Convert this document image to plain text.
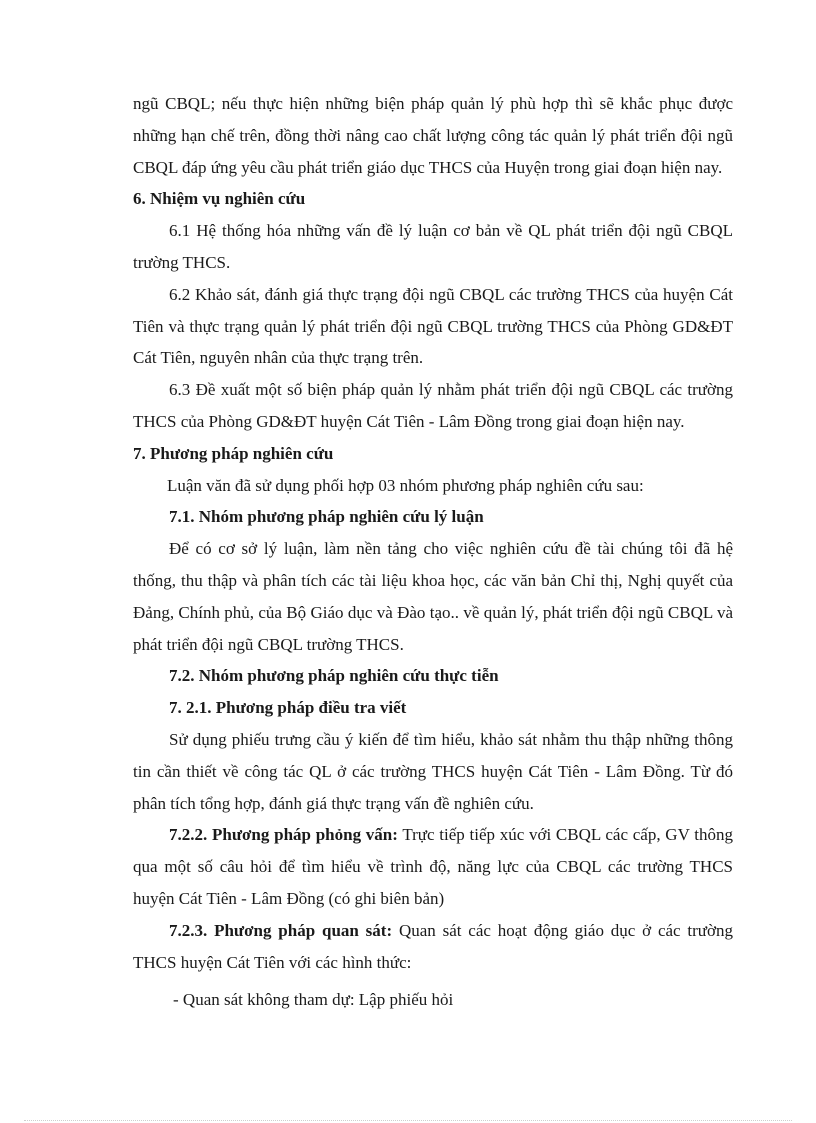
ngũ CBQL; nếu thực hiện những biện pháp quản lý phù hợp thì sẽ khắc phục được những hạn chế trên, đồng thời nâng cao chất lượng công tác quản lý phát triển đội ngũ CBQL đáp ứng yêu cầu phát triển giáo dục THCS của Huyện trong giai đoạn hiện nay.

6. Nhiệm vụ nghiên cứu

6.1 Hệ thống hóa những vấn đề lý luận cơ bản về QL phát triển đội ngũ CBQL trường THCS.

6.2 Khảo sát, đánh giá thực trạng đội ngũ CBQL các trường THCS của huyện Cát Tiên và thực trạng quản lý phát triển đội ngũ CBQL trường THCS của Phòng GD&ĐT Cát Tiên, nguyên nhân của thực trạng trên.

6.3 Đề xuất một số biện pháp quản lý nhằm phát triển đội ngũ CBQL các trường THCS của Phòng GD&ĐT huyện Cát Tiên - Lâm Đồng trong giai đoạn hiện nay.

7. Phương pháp nghiên cứu

Luận văn đã sử dụng phối hợp 03 nhóm phương pháp nghiên cứu sau:

7.1. Nhóm phương pháp nghiên cứu lý luận

Để có cơ sở lý luận, làm nền tảng cho việc nghiên cứu đề tài chúng tôi đã hệ thống, thu thập và phân tích các tài liệu khoa học, các văn bản Chỉ thị, Nghị quyết của Đảng, Chính phủ, của Bộ Giáo dục và Đào tạo.. về quản lý, phát triển đội ngũ CBQL và phát triển đội ngũ CBQL trường THCS.

7.2. Nhóm phương pháp nghiên cứu thực tiễn

7. 2.1. Phương pháp điều tra viết

Sử dụng phiếu trưng cầu ý kiến để tìm hiểu, khảo sát nhằm thu thập những thông tin cần thiết về công tác QL ở các trường THCS huyện Cát Tiên - Lâm Đồng. Từ đó phân tích tổng hợp, đánh giá thực trạng vấn đề nghiên cứu.

7.2.2. Phương pháp phỏng vấn: Trực tiếp tiếp xúc với CBQL các cấp, GV thông qua một số câu hỏi để tìm hiểu về trình độ, năng lực của CBQL các trường THCS huyện Cát Tiên - Lâm Đồng (có ghi biên bản)

7.2.3. Phương pháp quan sát: Quan sát các hoạt động giáo dục ở các trường THCS huyện Cát Tiên với các hình thức:

- Quan sát không tham dự: Lập phiếu hỏi
